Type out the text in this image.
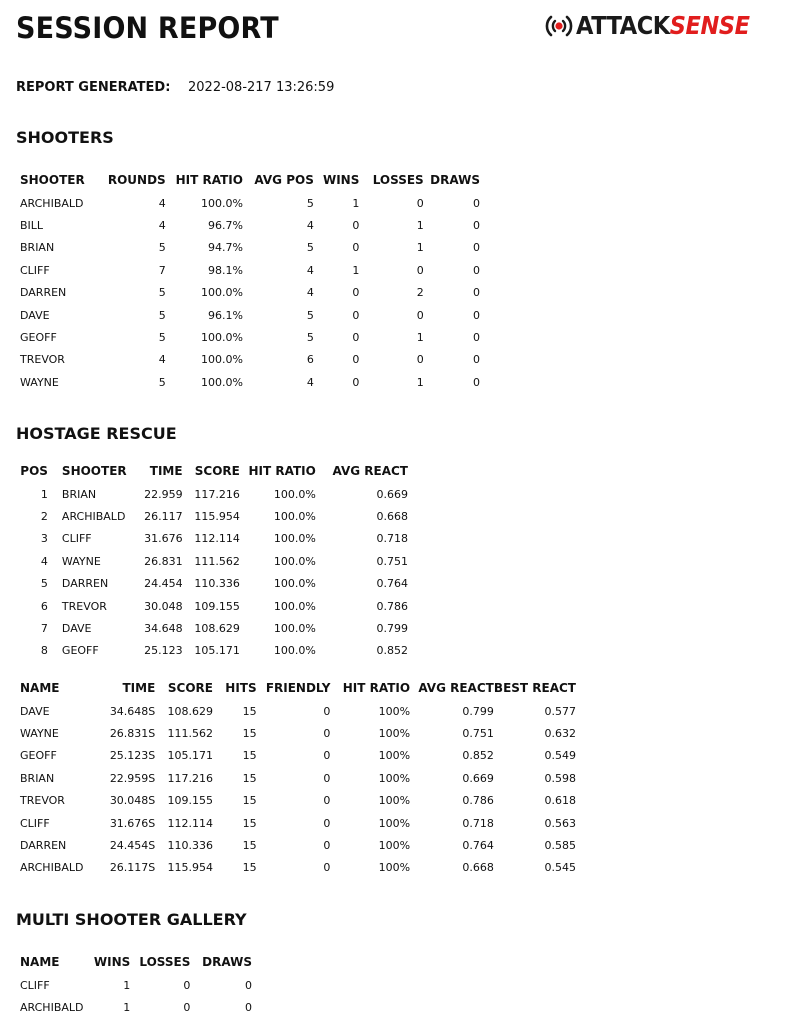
SESSION REPORT	ATTACKSENSE
REPORT GENERATED:	2022-08-217 13:26:59
SHOOTERS
SHOOTER	ROUNDS	HIT RATIO	AVG POS	WINS	LOSSES	DRAWS
ARCHIBALD	4	100.0%	5	1	0	0
BILL	4	96.7%	4	0	1	0
BRIAN	5	94.7%	5	0	1	0
CLIFF	7	98.1%	4	1	0	0
DARREN	5	100.0%	4	0	2	0
DAVE	5	96.1%	5	0	0	0
GEOFF	5	100.0%	5	0	1	0
TREVOR	4	100.0%	6	0	0	0
WAYNE	5	100.0%	4	0	1	0
HOSTAGE RESCUE
POS	SHOOTER	TIME	SCORE	HIT RATIO	AVG REACT
1	BRIAN	22.959	117.216	100.0%	0.669
2	ARCHIBALD	26.117	115.954	100.0%	0.668
3	CLIFF	31.676	112.114	100.0%	0.718
4	WAYNE	26.831	111.562	100.0%	0.751
5	DARREN	24.454	110.336	100.0%	0.764
6	TREVOR	30.048	109.155	100.0%	0.786
7	DAVE	34.648	108.629	100.0%	0.799
8	GEOFF	25.123	105.171	100.0%	0.852
NAME	TIME	SCORE	HITS	FRIENDLY	HIT RATIO	AVG REACT	BEST REACT
DAVE	34.648S	108.629	15	0	100%	0.799	0.577
WAYNE	26.831S	111.562	15	0	100%	0.751	0.632
GEOFF	25.123S	105.171	15	0	100%	0.852	0.549
BRIAN	22.959S	117.216	15	0	100%	0.669	0.598
TREVOR	30.048S	109.155	15	0	100%	0.786	0.618
CLIFF	31.676S	112.114	15	0	100%	0.718	0.563
DARREN	24.454S	110.336	15	0	100%	0.764	0.585
ARCHIBALD	26.117S	115.954	15	0	100%	0.668	0.545
MULTI SHOOTER GALLERY
NAME	WINS	LOSSES	DRAWS
CLIFF	1	0	0
ARCHIBALD	1	0	0
